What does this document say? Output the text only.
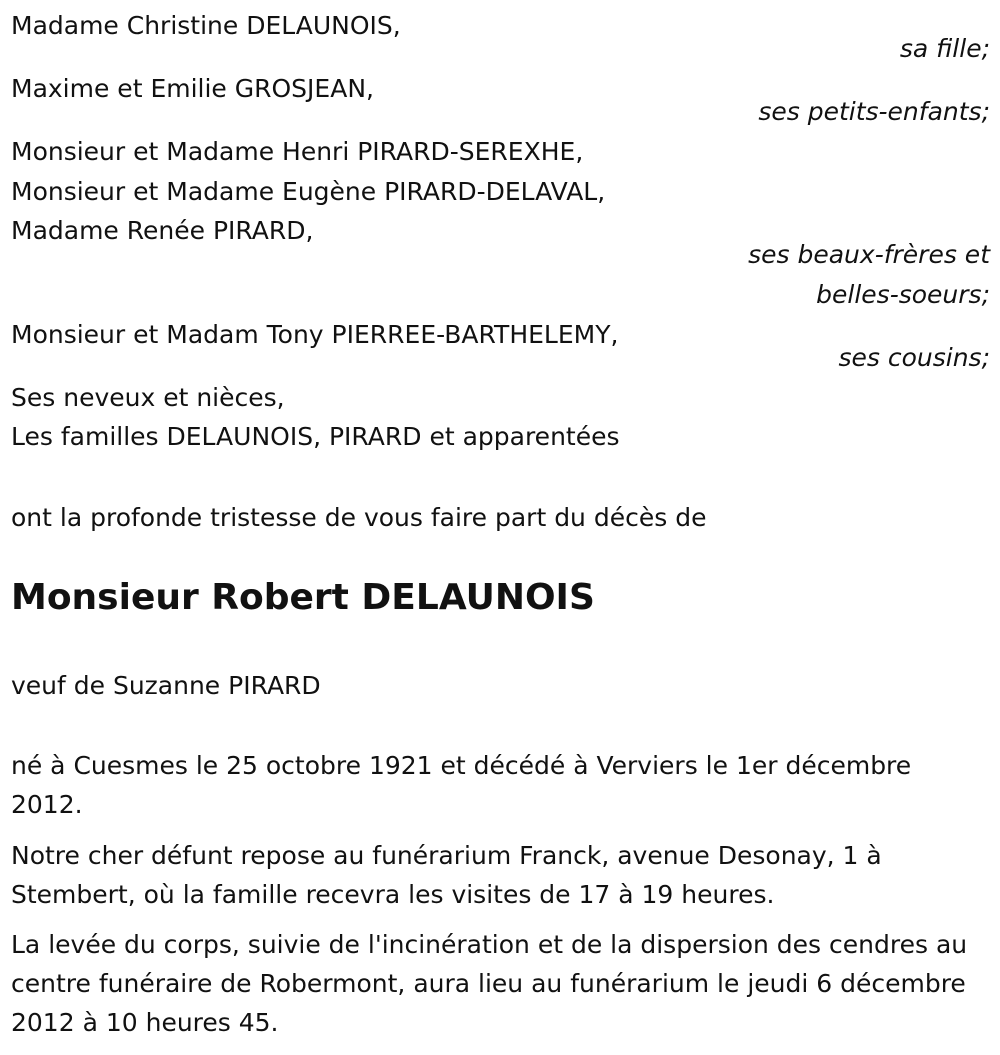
Madame Christine DELAUNOIS,
sa fille;
Maxime et Emilie GROSJEAN,
ses petits-enfants;
Monsieur et Madame Henri PIRARD-SEREXHE,
Monsieur et Madame Eugène PIRARD-DELAVAL,
Madame Renée PIRARD,
ses beaux-frères et
belles-soeurs;
Monsieur et Madam Tony PIERREE-BARTHELEMY,
ses cousins;
Ses neveux et nièces,
Les familles DELAUNOIS, PIRARD et apparentées
ont la profonde tristesse de vous faire part du décès de
Monsieur Robert DELAUNOIS
veuf de Suzanne PIRARD
né à Cuesmes le 25 octobre 1921 et décédé à Verviers le 1er décembre 2012.
Notre cher défunt repose au funérarium Franck, avenue Desonay, 1 à Stembert, où la famille recevra les visites de 17 à 19 heures.
La levée du corps, suivie de l'incinération et de la dispersion des cendres au centre funéraire de Robermont, aura lieu au funérarium le jeudi 6 décembre 2012 à 10 heures 45.
